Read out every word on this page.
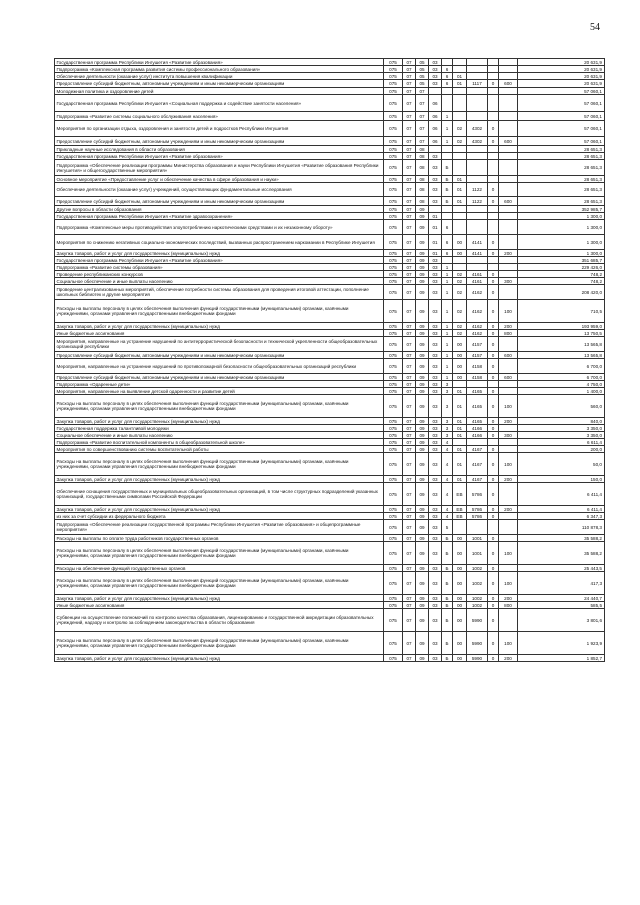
54
Государственная программа Республики Ингушетия «Развитие образования»	075	07	05	03						20 631,9
Подпрограмма «Комплексная программа развития системы профессионального образования»	075	07	05	03	6					20 631,9
Обеспечение деятельности (оказание услуг) института повышения квалификации	075	07	05	03	6	01				20 631,9
Предоставление субсидий бюджетным, автономным учреждениям и иным некоммерческим организациям	075	07	05	03	6	01	1117	0	600	20 631,9
Молодежная политика и оздоровление детей	075	07	07							57 060,1
Государственная программа Республики Ингушетия «Социальная поддержка и содействие занятости населения»	075	07	07	06						57 060,1
Подпрограмма «Развитие системы социального обслуживания населения»	075	07	07	06	1					57 060,1
Мероприятия по организации отдыха, оздоровления и занятости детей и подростков Республики Ингушетия	075	07	07	06	1	02	4302	0		57 060,1
Предоставление субсидий бюджетным, автономным учреждениям и иным некоммерческим организациям	075	07	07	06	1	02	4302	0	600	57 060,1
Прикладные научные исследования в области образования	075	07	08							28 651,3
Государственная программа Республики Ингушетия «Развитие образования»	075	07	08	03						28 651,3
Подпрограмма «Обеспечение реализации программы Министерства образования и науки Республики Ингушетия «Развитие образования Республики Ингушетия» и общегосударственные мероприятия»	075	07	08	03	Б					28 651,3
Основное мероприятие «Предоставление услуг и обеспечение качества в сфере образования и науки»	075	07	08	03	Б	01				28 651,3
Обеспечение деятельности (оказание услуг) учреждений, осуществляющих фундаментальные исследования	075	07	08	03	Б	01	1122	0		28 651,3
Предоставление субсидий бюджетным, автономным учреждениям и иным некоммерческим организациям	075	07	08	03	Б	01	1122	0	600	28 651,3
Другие вопросы в области образования	075	07	09							352 985,7
Государственная программа Республики Ингушетия «Развитие здравоохранения»	075	07	09	01						1 300,0
Подпрограмма «Комплексные меры противодействия злоупотреблению наркотическими средствами и их незаконному обороту»	075	07	09	01	6					1 300,0
Мероприятия по снижению негативных социально-экономических последствий, вызванных распространением наркомании в Республике Ингушетия	075	07	09	01	6	00	4141	0		1 300,0
Закупка товаров, работ и услуг для государственных (муниципальных) нужд	075	07	09	01	6	00	4141	0	200	1 300,0
Государственная программа Республики Ингушетия «Развитие образования»	075	07	09	03						351 685,7
Подпрограмма «Развитие системы образования»	075	07	09	03	1					229 426,0
Проведение республиканских конкурсов	075	07	09	03	1	02	4161	0		748,2
Социальное обеспечение и иные выплаты населению	075	07	09	03	1	02	4161	0	300	748,2
Проведение централизованных мероприятий, обеспечение потребности системы образования для проведения итоговой аттестации, пополнение школьных библиотек и другие мероприятия	075	07	09	03	1	02	4162	0		208 420,0
Расходы на выплаты персоналу в целях обеспечения выполнения функций государственными (муниципальными) органами, казёнными учреждениями, органами управления государственными внебюджетными фондами	075	07	09	03	1	02	4162	0	100	710,5
Закупка товаров, работ и услуг для государственных (муниципальных) нужд	075	07	09	03	1	02	4162	0	200	193 959,0
Иные бюджетные ассигнования	075	07	09	03	1	02	4162	0	800	13 750,5
Мероприятия, направленные на устранение нарушений по антитеррористической безопасности и технической укрепленности общеобразовательных организаций республики	075	07	09	03	1	00	4157	0		13 565,8
Предоставление субсидий бюджетным, автономным учреждениям и иным некоммерческим организациям	075	07	09	03	1	00	4157	0	600	13 565,8
Мероприятия, направленные на устранение нарушений по противопожарной безопасности общеобразовательных организаций республики	075	07	09	03	1	00	4158	0		6 700,0
Предоставление субсидий бюджетным, автономным учреждениям и иным некоммерческим организациям	075	07	09	03	1	00	4158	0	600	6 700,0
Подпрограмма «Одаренные дети»	075	07	09	03	3					4 750,0
Мероприятия, направленные на выявление детской одаренности и развитие детей	075	07	09	03	3	01	4165	0		1 400,0
Расходы на выплаты персоналу в целях обеспечения выполнения функций государственными (муниципальными) органами, казёнными учреждениями, органами управления государственными внебюджетными фондами	075	07	09	03	3	01	4165	0	100	560,0
Закупка товаров, работ и услуг для государственных (муниципальных) нужд	075	07	09	03	3	01	4165	0	200	840,0
Государственная поддержка талантливой молодежи	075	07	09	03	3	01	4166	0		3 350,0
Социальное обеспечение и иные выплаты населению	075	07	09	03	3	01	4166	0	300	3 350,0
Подпрограмма «Развитие воспитательной компоненты в общеобразовательной школе»	075	07	09	03	4					6 611,4
Мероприятия по совершенствованию системы воспитательной работы	075	07	09	03	4	01	4167	0		200,0
Расходы на выплаты персоналу в целях обеспечения выполнения функций государственными (муниципальными) органами, казёнными учреждениями, органами управления государственными внебюджетными фондами	075	07	09	03	4	01	4167	0	100	50,0
Закупка товаров, работ и услуг для государственных (муниципальных) нужд	075	07	09	03	4	01	4167	0	200	150,0
Обеспечение оснащения государственных и муниципальных общеобразовательных организаций, в том числе структурных подразделений указанных организаций, государственными символами Российской Федерации	075	07	09	03	4	EB	5786	0		6 411,4
Закупка товаров, работ и услуг для государственных (муниципальных) нужд	075	07	09	03	4	EB	5786	0	200	6 411,4
из них за счет субсидии из федерального бюджета	075	07	09	03	4	EB	5786	0		6 347,3
Подпрограмма «Обеспечение реализации государственной программы Республики Ингушетия «Развитие образования» и общепрограммные мероприятия»	075	07	09	03	5					110 878,3
Расходы на выплаты по оплате труда работников государственных органов	075	07	09	03	Б	00	1001	0		35 588,2
Расходы на выплаты персоналу в целях обеспечения выполнения функций государственными (муниципальными) органами, казёнными учреждениями, органами управления государственными внебюджетными фондами	075	07	09	03	Б	00	1001	0	100	35 588,2
Расходы на обеспечение функций государственных органов	075	07	09	03	Б	00	1002	0		25 443,5
Расходы на выплаты персоналу в целях обеспечения выполнения функций государственными (муниципальными) органами, казёнными учреждениями, органами управления государственными внебюджетными фондами	075	07	09	03	Б	00	1002	0	100	417,3
Закупка товаров, работ и услуг для государственных (муниципальных) нужд	075	07	09	03	Б	00	1002	0	200	24 440,7
Иные бюджетные ассигнования	075	07	09	03	Б	00	1002	0	800	585,5
Субвенции на осуществление полномочий по контролю качества образования, лицензированию и государственной аккредитации образовательных учреждений, надзору и контролю за соблюдением законодательства в области образования	075	07	09	03	Б	00	5990	0		3 801,6
Расходы на выплаты персоналу в целях обеспечения выполнения функций государственными (муниципальными) органами, казёнными учреждениями, органами управления государственными внебюджетными фондами	075	07	09	03	Б	00	5990	0	100	1 923,9
Закупка товаров, работ и услуг для государственных (муниципальных) нужд	075	07	09	03	Б	00	5990	0	200	1 852,7
